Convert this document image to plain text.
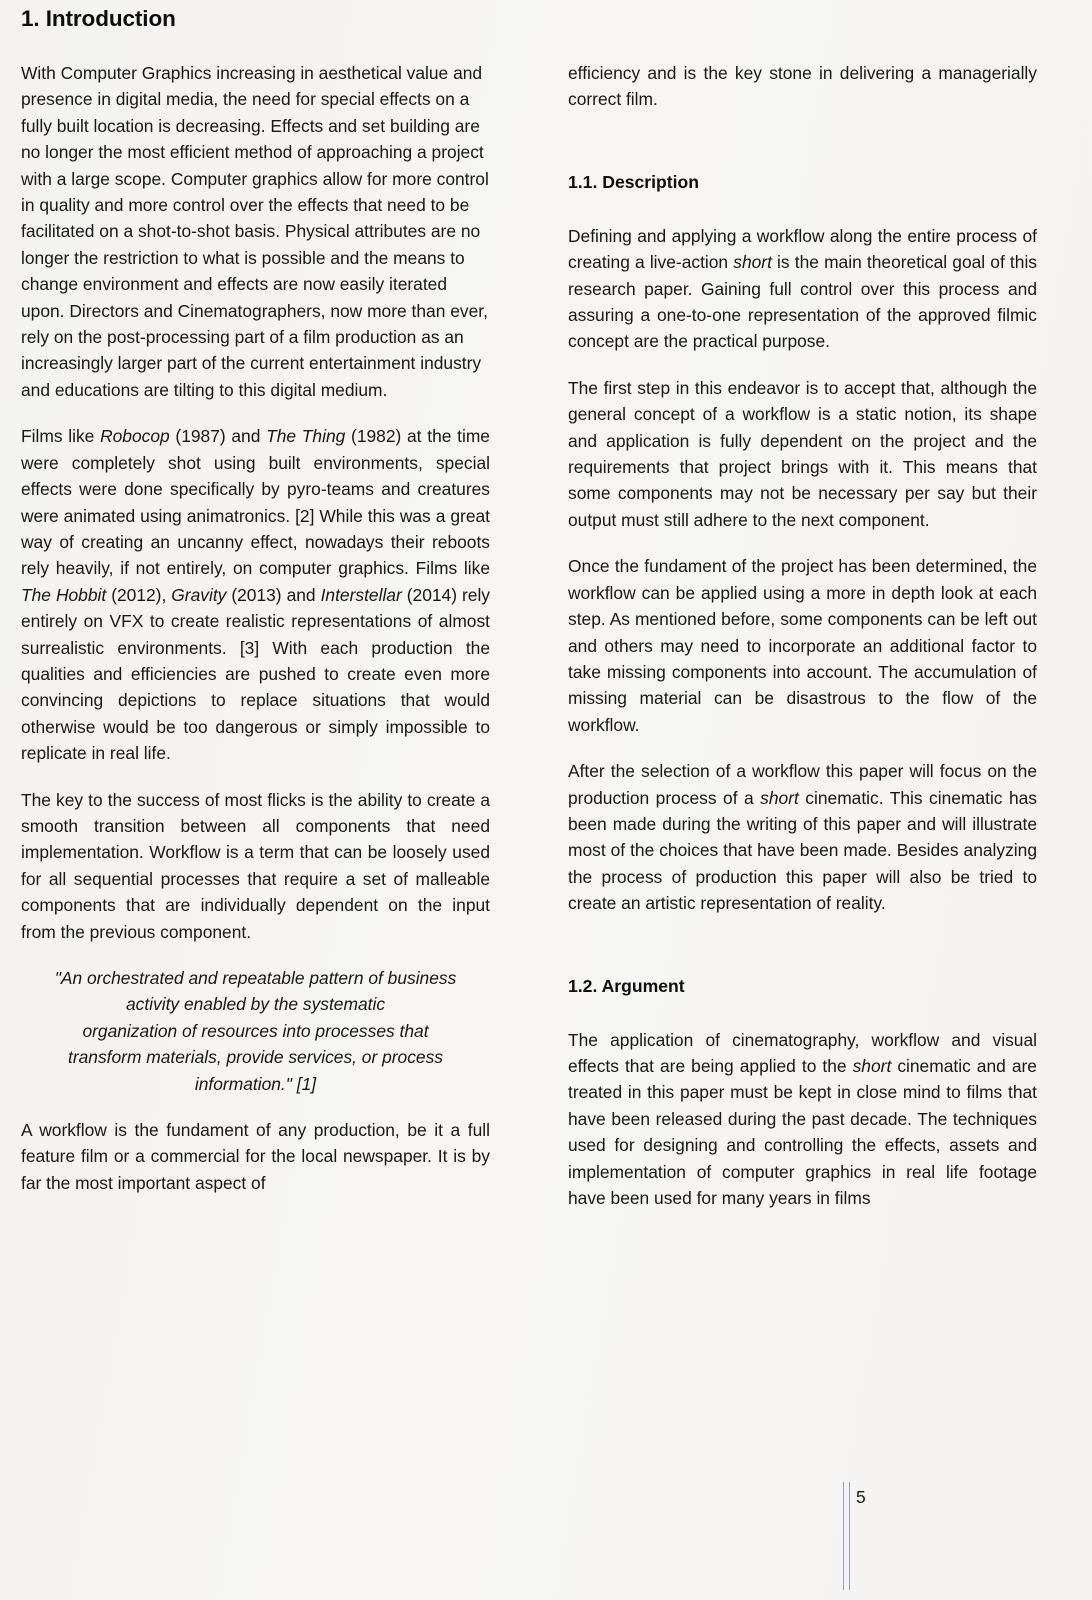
1. Introduction

With Computer Graphics increasing in aesthetical value and presence in digital media, the need for special effects on a fully built location is decreasing. Effects and set building are no longer the most efficient method of approaching a project with a large scope. Computer graphics allow for more control in quality and more control over the effects that need to be facilitated on a shot-to-shot basis. Physical attributes are no longer the restriction to what is possible and the means to change environment and effects are now easily iterated upon. Directors and Cinematographers, now more than ever, rely on the post-processing part of a film production as an increasingly larger part of the current entertainment industry and educations are tilting to this digital medium.

Films like Robocop (1987) and The Thing (1982) at the time were completely shot using built environments, special effects were done specifically by pyro-teams and creatures were animated using animatronics. [2] While this was a great way of creating an uncanny effect, nowadays their reboots rely heavily, if not entirely, on computer graphics. Films like The Hobbit (2012), Gravity (2013) and Interstellar (2014) rely entirely on VFX to create realistic representations of almost surrealistic environments. [3] With each production the qualities and efficiencies are pushed to create even more convincing depictions to replace situations that would otherwise would be too dangerous or simply impossible to replicate in real life.

The key to the success of most flicks is the ability to create a smooth transition between all components that need implementation. Workflow is a term that can be loosely used for all sequential processes that require a set of malleable components that are individually dependent on the input from the previous component.

"An orchestrated and repeatable pattern of business
activity enabled by the systematic
organization of resources into processes that
transform materials, provide services, or process
information." [1]

A workflow is the fundament of any production, be it a full feature film or a commercial for the local newspaper. It is by far the most important aspect of

efficiency and is the key stone in delivering a managerially correct film.

1.1. Description

Defining and applying a workflow along the entire process of creating a live-action short is the main theoretical goal of this research paper. Gaining full control over this process and assuring a one-to-one representation of the approved filmic concept are the practical purpose.

The first step in this endeavor is to accept that, although the general concept of a workflow is a static notion, its shape and application is fully dependent on the project and the requirements that project brings with it. This means that some components may not be necessary per say but their output must still adhere to the next component.

Once the fundament of the project has been determined, the workflow can be applied using a more in depth look at each step. As mentioned before, some components can be left out and others may need to incorporate an additional factor to take missing components into account. The accumulation of missing material can be disastrous to the flow of the workflow.

After the selection of a workflow this paper will focus on the production process of a short cinematic. This cinematic has been made during the writing of this paper and will illustrate most of the choices that have been made. Besides analyzing the process of production this paper will also be tried to create an artistic representation of reality.

1.2. Argument

The application of cinematography, workflow and visual effects that are being applied to the short cinematic and are treated in this paper must be kept in close mind to films that have been released during the past decade. The techniques used for designing and controlling the effects, assets and implementation of computer graphics in real life footage have been used for many years in films

5
